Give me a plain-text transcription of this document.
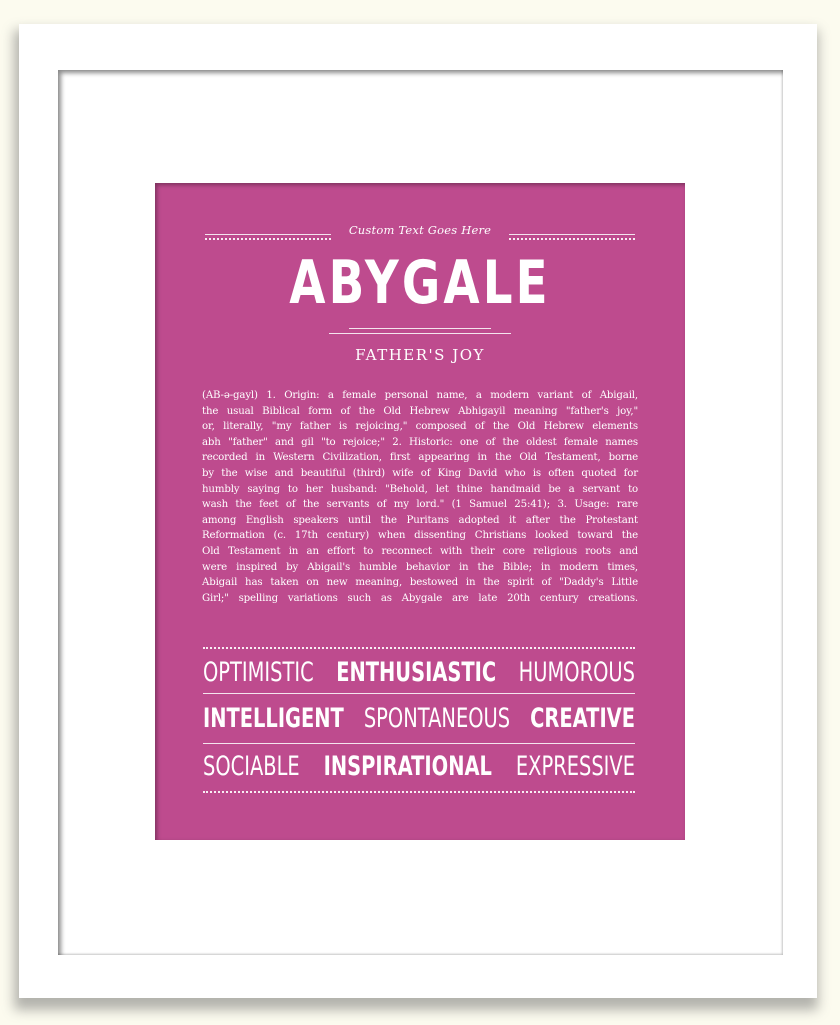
Custom Text Goes Here
ABYGALE
FATHER'S JOY
(AB-ə-gayl) 1. Origin: a female personal name, a modern variant of Abigail,
the usual Biblical form of the Old Hebrew Abhigayil meaning "father's joy,"
or, literally, "my father is rejoicing," composed of the Old Hebrew elements
abh "father" and gil "to rejoice;" 2. Historic: one of the oldest female names
recorded in Western Civilization, first appearing in the Old Testament, borne
by the wise and beautiful (third) wife of King David who is often quoted for
humbly saying to her husband: "Behold, let thine handmaid be a servant to
wash the feet of the servants of my lord." (1 Samuel 25:41); 3. Usage: rare
among English speakers until the Puritans adopted it after the Protestant
Reformation (c. 17th century) when dissenting Christians looked toward the
Old Testament in an effort to reconnect with their core religious roots and
were inspired by Abigail's humble behavior in the Bible; in modern times,
Abigail has taken on new meaning, bestowed in the spirit of "Daddy's Little
Girl;" spelling variations such as Abygale are late 20th century creations.
OPTIMISTIC ENTHUSIASTIC HUMOROUS
INTELLIGENT SPONTANEOUS CREATIVE
SOCIABLE INSPIRATIONAL EXPRESSIVE
